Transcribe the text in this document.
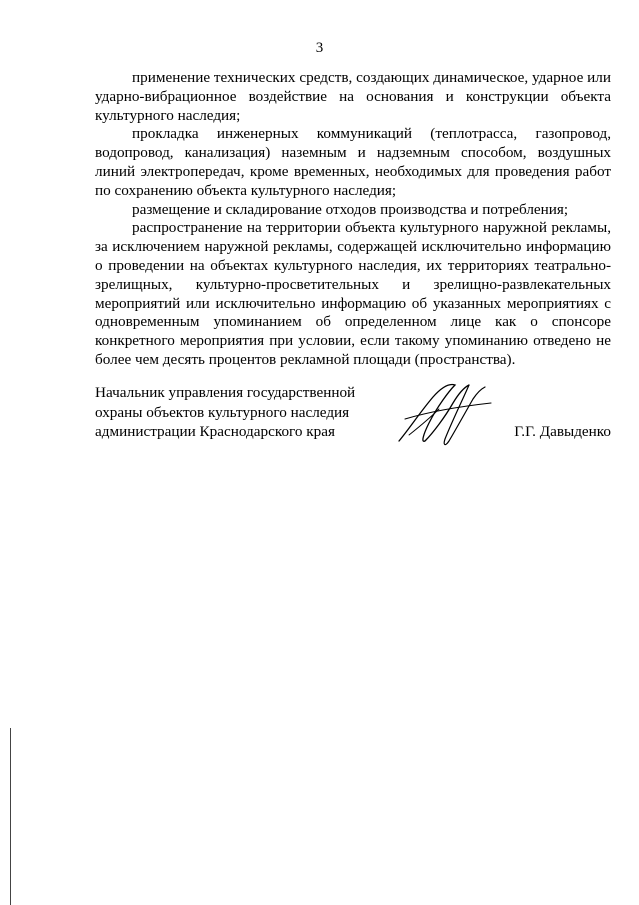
3

применение технических средств, создающих динамическое, ударное или ударно-вибрационное воздействие на основания и конструкции объекта культурного наследия;

прокладка инженерных коммуникаций (теплотрасса, газопровод, водопровод, канализация) наземным и надземным способом, воздушных линий электропередач, кроме временных, необходимых для проведения работ по сохранению объекта культурного наследия;

размещение и складирование отходов производства и потребления;

распространение на территории объекта культурного наружной рекламы, за исключением наружной рекламы, содержащей исключительно информацию о проведении на объектах культурного наследия, их территориях театрально-зрелищных, культурно-просветительных и зрелищно-развлекательных мероприятий или исключительно информацию об указанных мероприятиях с одновременным упоминанием об определенном лице как о спонсоре конкретного мероприятия при условии, если такому упоминанию отведено не более чем десять процентов рекламной площади (пространства).

Начальник управления государственной
охраны объектов культурного наследия
администрации Краснодарского края	Г.Г. Давыденко
